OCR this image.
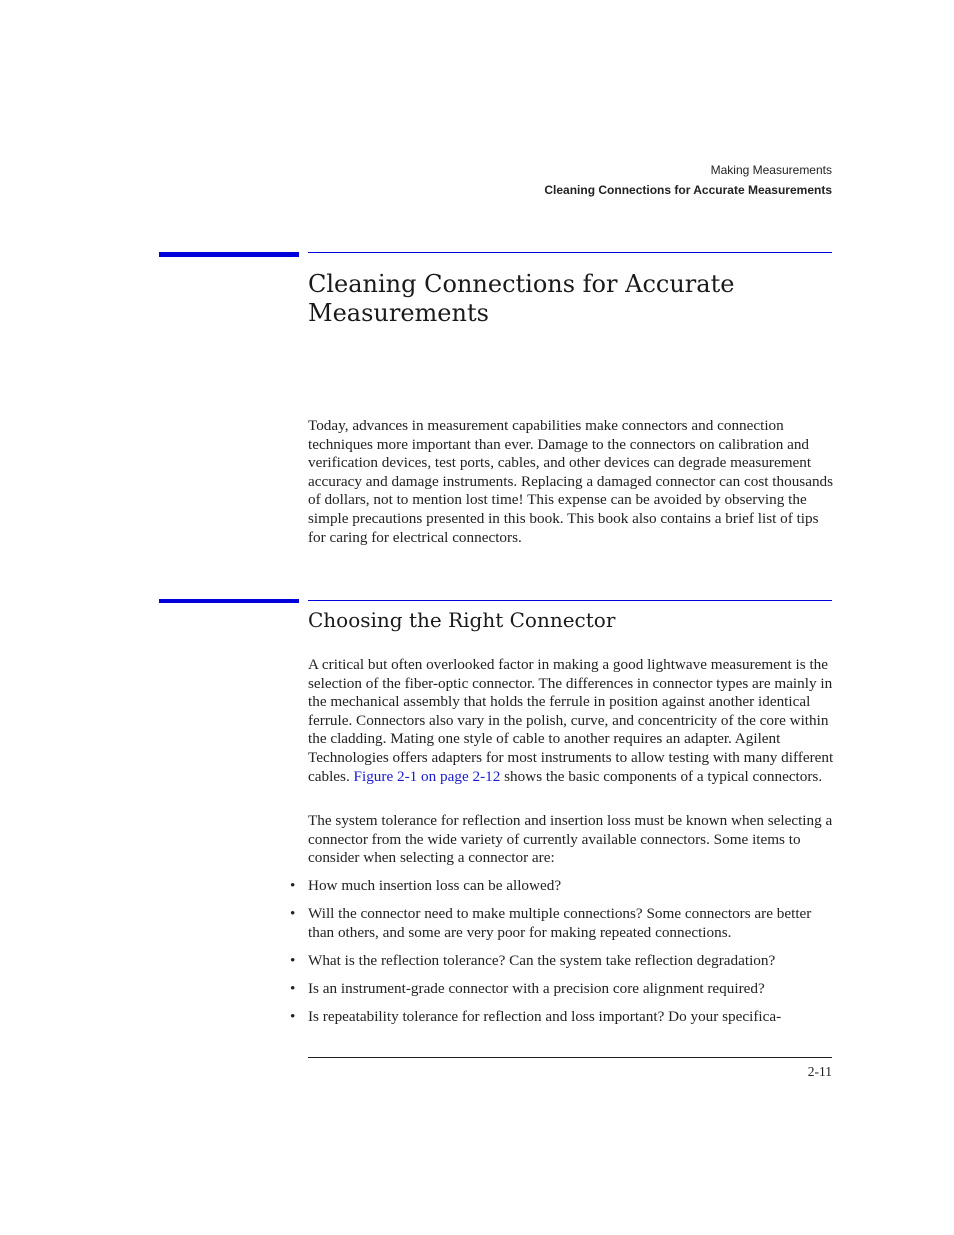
Making Measurements
Cleaning Connections for Accurate Measurements
Cleaning Connections for Accurate Measurements

Today, advances in measurement capabilities make connectors and connection techniques more important than ever. Damage to the connectors on calibration and verification devices, test ports, cables, and other devices can degrade measurement accuracy and damage instruments. Replacing a damaged connector can cost thousands of dollars, not to mention lost time! This expense can be avoided by observing the simple precautions presented in this book. This book also contains a brief list of tips for caring for electrical connectors.

Choosing the Right Connector

A critical but often overlooked factor in making a good lightwave measurement is the selection of the fiber-optic connector. The differences in connector types are mainly in the mechanical assembly that holds the ferrule in position against another identical ferrule. Connectors also vary in the polish, curve, and concentricity of the core within the cladding. Mating one style of cable to another requires an adapter. Agilent Technologies offers adapters for most instruments to allow testing with many different cables. Figure 2-1 on page 2-12 shows the basic components of a typical connectors.

The system tolerance for reflection and insertion loss must be known when selecting a connector from the wide variety of currently available connectors. Some items to consider when selecting a connector are:

• How much insertion loss can be allowed?
• Will the connector need to make multiple connections? Some connectors are better than others, and some are very poor for making repeated connections.
• What is the reflection tolerance? Can the system take reflection degradation?
• Is an instrument-grade connector with a precision core alignment required?
• Is repeatability tolerance for reflection and loss important? Do your specifica-
2-11
